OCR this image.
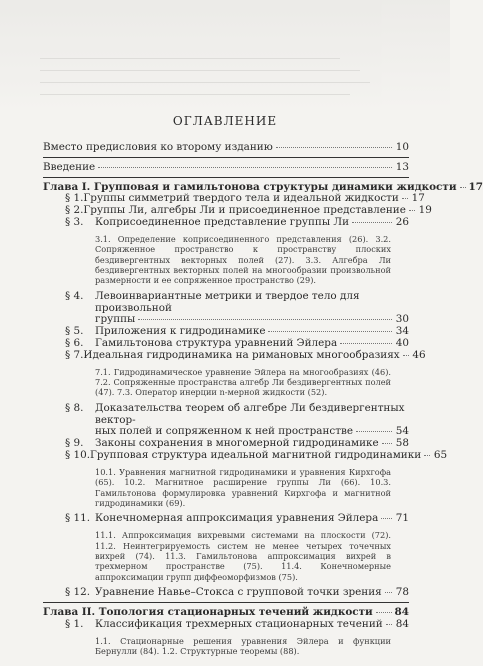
ОГЛАВЛЕНИЕ
Вместо предисловия ко второму изданию	10
Введение	13
Глава I. Групповая и гамильтонова структуры динамики жидкости 17
§ 1. Группы симметрий твердого тела и идеальной жидкости 17
§ 2. Группы Ли, алгебры Ли и присоединенное представление 19
§ 3.	Коприсоединенное представление группы Ли	26
3.1. Определение коприсоединенного представления (26). 3.2. Сопряженное пространство к пространству плоских бездивергентных векторных полей (27). 3.3. Алгебра Ли бездивергентных векторных полей на многообразии произвольной размерности и ее сопряженное пространство (29).
§ 4.	Левоинвариантные метрики и твердое тело для произвольной
группы	30
§ 5.	Приложения к гидродинамике	34
§ 6.	Гамильтонова структура уравнений Эйлера	40
§ 7. Идеальная гидродинамика на римановых многообразиях 46
7.1. Гидродинамическое уравнение Эйлера на многообразиях (46). 7.2. Сопряженные пространства алгебр Ли бездивергентных полей (47). 7.3. Оператор инерции n-мерной жидкости (52).
§ 8.	Доказательства теорем об алгебре Ли бездивергентных вектор-
ных полей и сопряженном к ней пространстве	54
§ 9.	Законы сохранения в многомерной гидродинамике 58
§ 10. Групповая структура идеальной магнитной гидродинамики 65
10.1. Уравнения магнитной гидродинамики и уравнения Кирхгофа (65). 10.2. Магнитное расширение группы Ли (66). 10.3. Гамильтонова формулировка уравнений Кирхгофа и магнитной гидродинамики (69).
§ 11. Конечномерная аппроксимация уравнения Эйлера 71
11.1. Аппроксимация вихревыми системами на плоскости (72). 11.2. Неинтегрируемость систем не менее четырех точечных вихрей (74). 11.3. Гамильтонова аппроксимация вихрей в трехмерном пространстве (75). 11.4. Конечномерные аппроксимации групп диффеоморфизмов (75).
§ 12. Уравнение Навье–Стокса с групповой точки зрения 78
Глава II. Топология стационарных течений жидкости 84
§ 1.	Классификация трехмерных стационарных течений 84
1.1. Стационарные решения уравнения Эйлера и функции Бернулли (84). 1.2. Структурные теоремы (88).
